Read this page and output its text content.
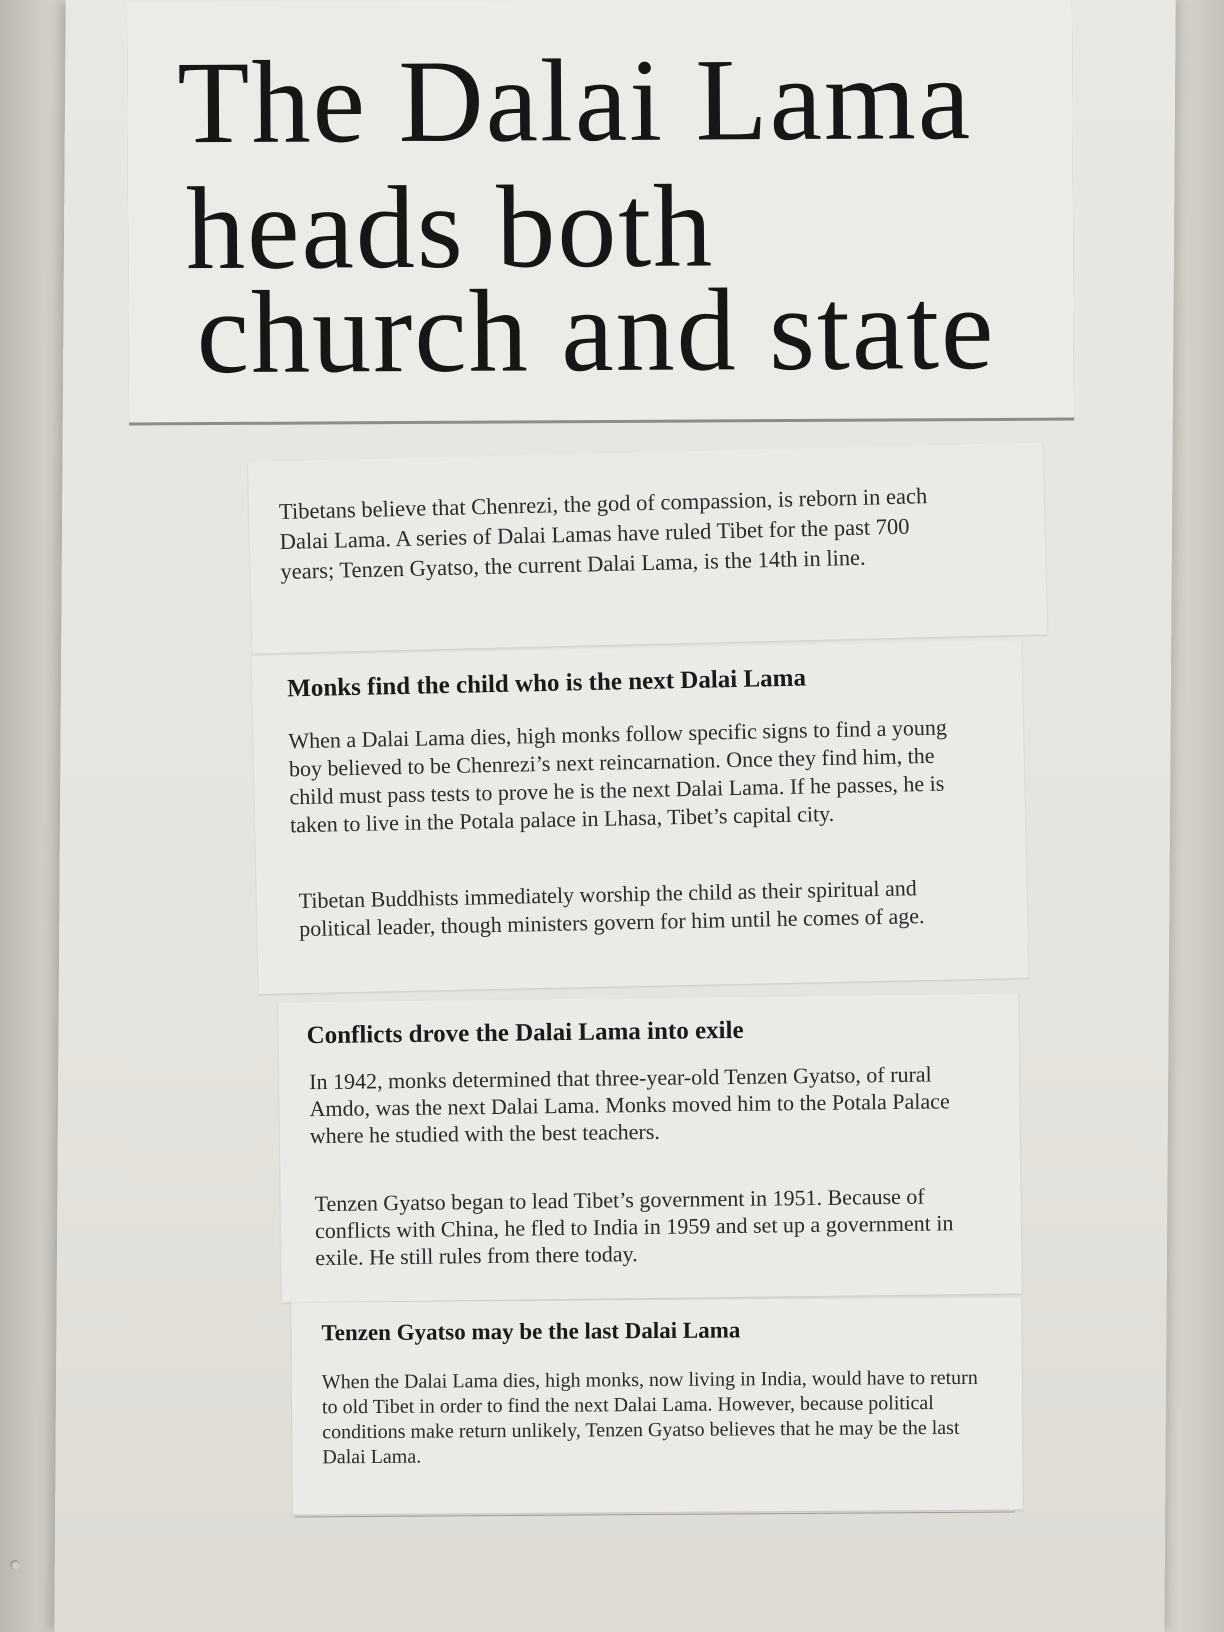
The Dalai Lama
heads both
church and state

Tibetans believe that Chenrezi, the god of compassion, is reborn in each Dalai Lama. A series of Dalai Lamas have ruled Tibet for the past 700 years; Tenzen Gyatso, the current Dalai Lama, is the 14th in line.

Monks find the child who is the next Dalai Lama

When a Dalai Lama dies, high monks follow specific signs to find a young boy believed to be Chenrezi’s next reincarnation. Once they find him, the child must pass tests to prove he is the next Dalai Lama. If he passes, he is taken to live in the Potala palace in Lhasa, Tibet’s capital city.

Tibetan Buddhists immediately worship the child as their spiritual and political leader, though ministers govern for him until he comes of age.

Conflicts drove the Dalai Lama into exile

In 1942, monks determined that three-year-old Tenzen Gyatso, of rural Amdo, was the next Dalai Lama. Monks moved him to the Potala Palace where he studied with the best teachers.

Tenzen Gyatso began to lead Tibet’s government in 1951. Because of conflicts with China, he fled to India in 1959 and set up a government in exile. He still rules from there today.

Tenzen Gyatso may be the last Dalai Lama

When the Dalai Lama dies, high monks, now living in India, would have to return to old Tibet in order to find the next Dalai Lama. However, because political conditions make return unlikely, Tenzen Gyatso believes that he may be the last Dalai Lama.
